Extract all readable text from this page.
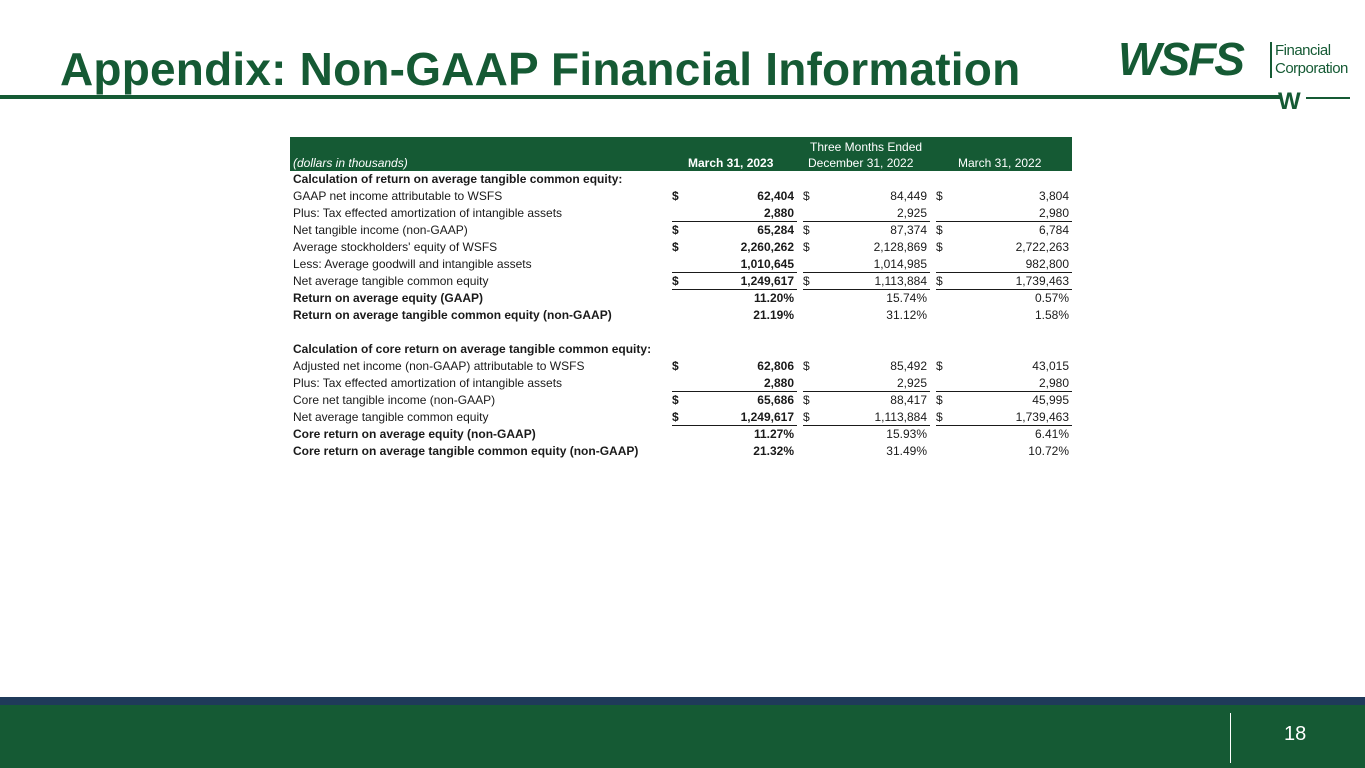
Appendix: Non-GAAP Financial Information WSFS Financial
Corporation
W
Three Months Ended
(dollars in thousands)	March 31, 2023	December 31, 2022	March 31, 2022
Calculation of return on average tangible common equity:
GAAP net income attributable to WSFS	$	62,404 $	84,449 $	3,804
Plus: Tax effected amortization of intangible assets	2,880	2,925	2,980
Net tangible income (non-GAAP)	$	65,284 $	87,374 $	6,784
Average stockholders' equity of WSFS	$	2,260,262 $	2,128,869 $	2,722,263
Less: Average goodwill and intangible assets	1,010,645	1,014,985	982,800
Net average tangible common equity	$	1,249,617 $	1,113,884 $	1,739,463
Return on average equity (GAAP)	11.20%	15.74%	0.57%
Return on average tangible common equity (non-GAAP)	21.19%	31.12%	1.58%
Calculation of core return on average tangible common equity:
Adjusted net income (non-GAAP) attributable to WSFS	$	62,806 $	85,492 $	43,015
Plus: Tax effected amortization of intangible assets	2,880	2,925	2,980
Core net tangible income (non-GAAP)	$	65,686 $	88,417 $	45,995
Net average tangible common equity	$	1,249,617 $	1,113,884 $	1,739,463
Core return on average equity (non-GAAP)	11.27%	15.93%	6.41%
Core return on average tangible common equity (non-GAAP)	21.32%	31.49%	10.72%
18
